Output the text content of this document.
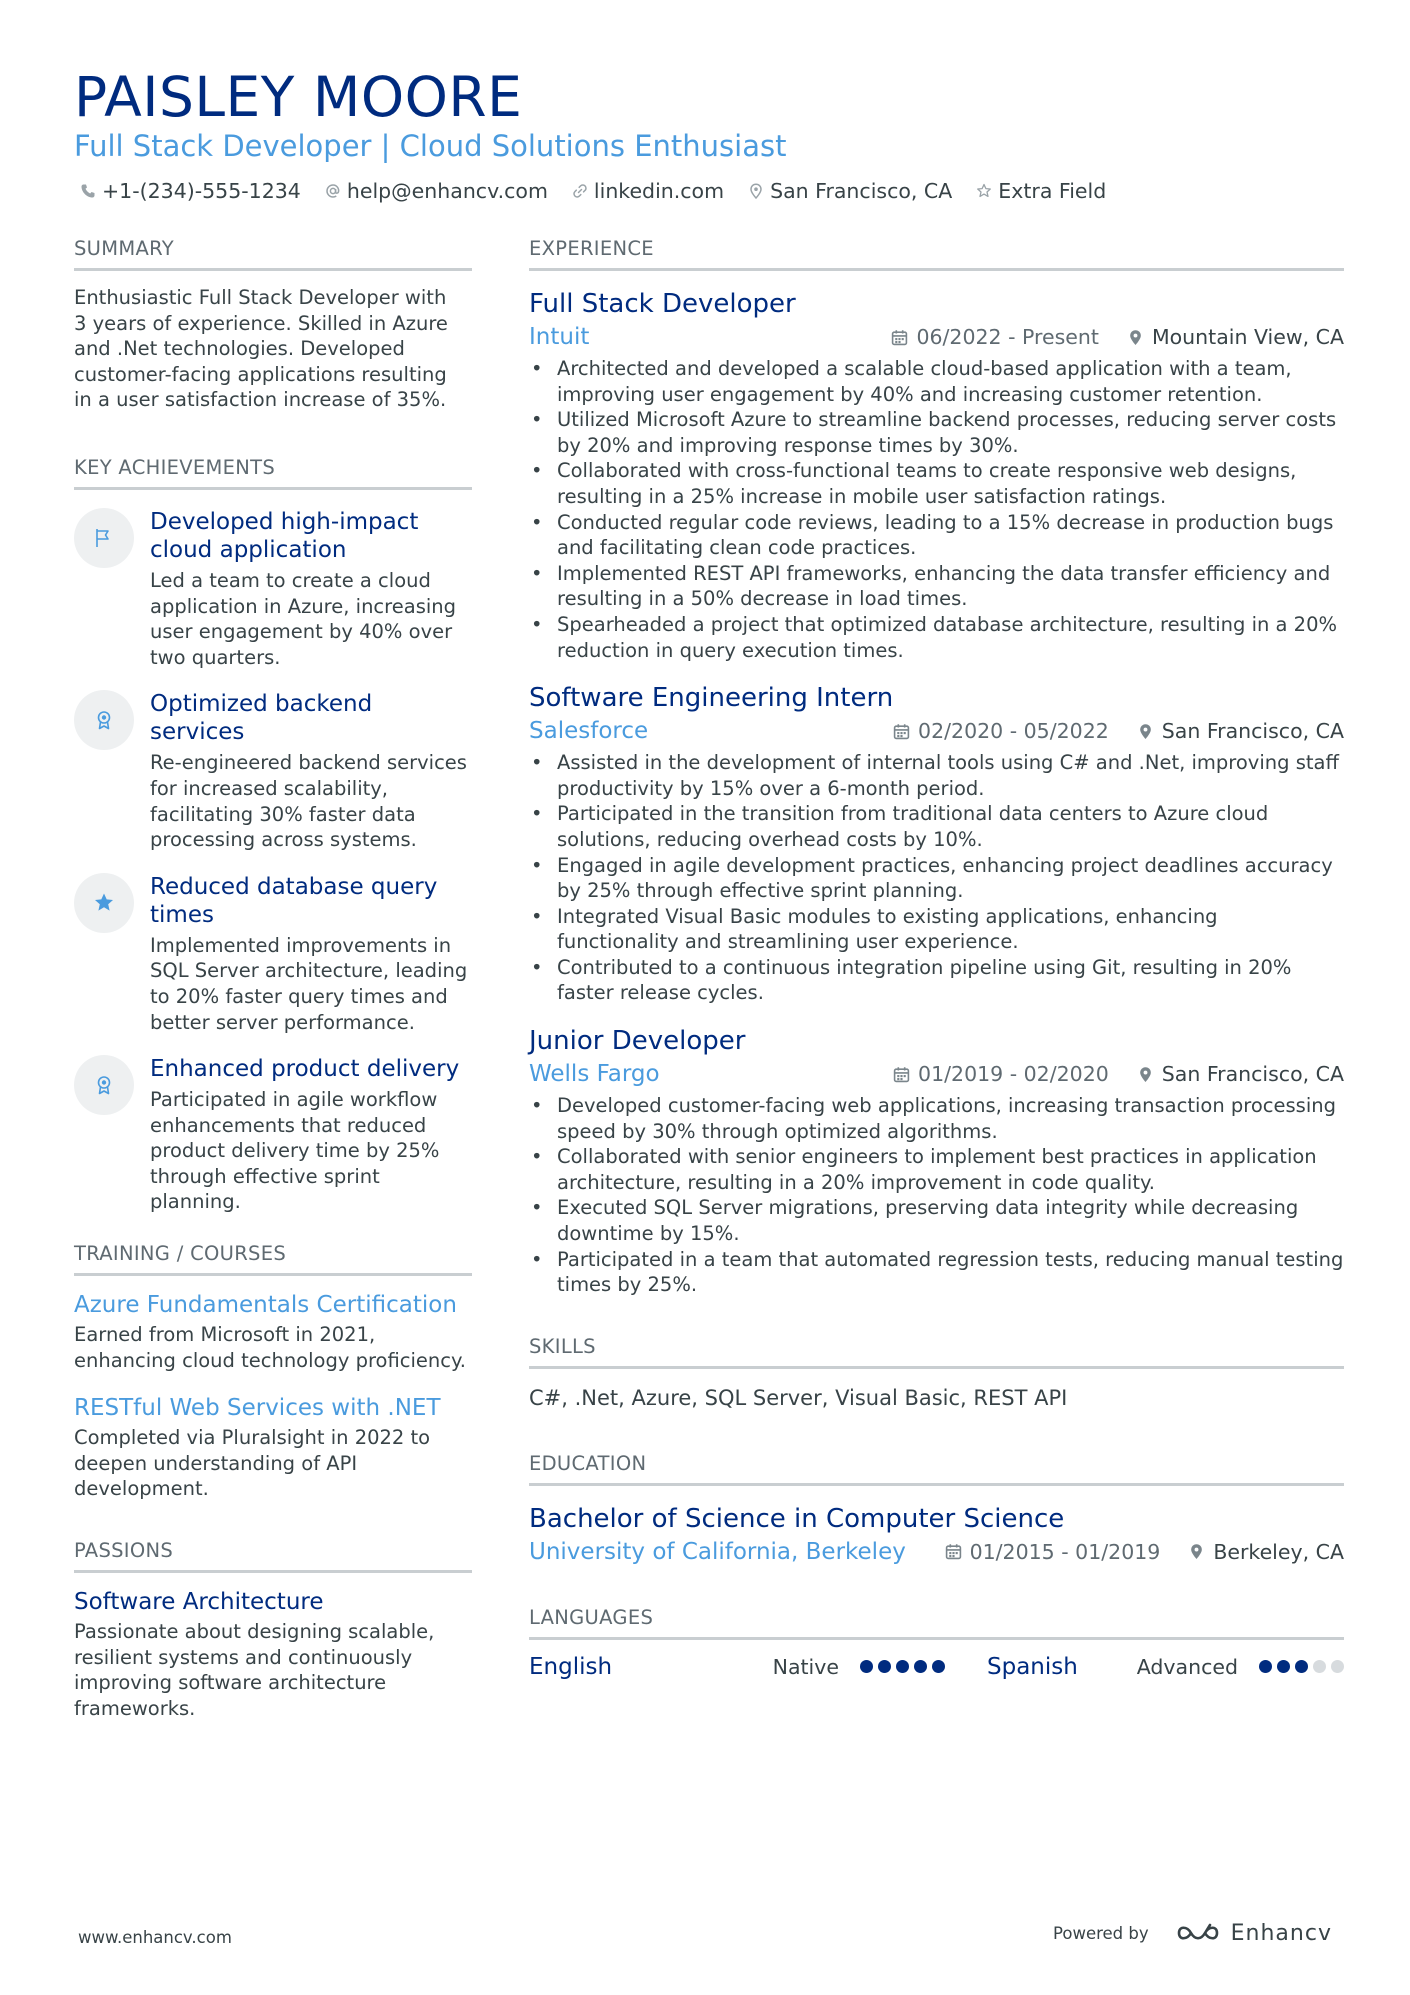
PAISLEY MOORE
Full Stack Developer | Cloud Solutions Enthusiast
+1-(234)-555-1234 help@enhancv.com linkedin.com San Francisco, CA Extra Field
SUMMARY
Enthusiastic Full Stack Developer with 3 years of experience. Skilled in Azure and .Net technologies. Developed customer-facing applications resulting in a user satisfaction increase of 35%.
KEY ACHIEVEMENTS
Developed high-impact cloud application
Led a team to create a cloud application in Azure, increasing user engagement by 40% over two quarters.
Optimized backend services
Re-engineered backend services for increased scalability, facilitating 30% faster data processing across systems.
Reduced database query times
Implemented improvements in SQL Server architecture, leading to 20% faster query times and better server performance.
Enhanced product delivery
Participated in agile workflow enhancements that reduced product delivery time by 25% through effective sprint planning.
TRAINING / COURSES
Azure Fundamentals Certification
Earned from Microsoft in 2021, enhancing cloud technology proficiency.
RESTful Web Services with .NET
Completed via Pluralsight in 2022 to deepen understanding of API development.
PASSIONS
Software Architecture
Passionate about designing scalable, resilient systems and continuously improving software architecture frameworks.
EXPERIENCE
Full Stack Developer
Intuit	06/2022 - Present	Mountain View, CA
• Architected and developed a scalable cloud-based application with a team, improving user engagement by 40% and increasing customer retention.
• Utilized Microsoft Azure to streamline backend processes, reducing server costs by 20% and improving response times by 30%.
• Collaborated with cross-functional teams to create responsive web designs, resulting in a 25% increase in mobile user satisfaction ratings.
• Conducted regular code reviews, leading to a 15% decrease in production bugs and facilitating clean code practices.
• Implemented REST API frameworks, enhancing the data transfer efficiency and resulting in a 50% decrease in load times.
• Spearheaded a project that optimized database architecture, resulting in a 20% reduction in query execution times.
Software Engineering Intern
Salesforce	02/2020 - 05/2022	San Francisco, CA
• Assisted in the development of internal tools using C# and .Net, improving staff productivity by 15% over a 6-month period.
• Participated in the transition from traditional data centers to Azure cloud solutions, reducing overhead costs by 10%.
• Engaged in agile development practices, enhancing project deadlines accuracy by 25% through effective sprint planning.
• Integrated Visual Basic modules to existing applications, enhancing functionality and streamlining user experience.
• Contributed to a continuous integration pipeline using Git, resulting in 20% faster release cycles.
Junior Developer
Wells Fargo	01/2019 - 02/2020	San Francisco, CA
• Developed customer-facing web applications, increasing transaction processing speed by 30% through optimized algorithms.
• Collaborated with senior engineers to implement best practices in application architecture, resulting in a 20% improvement in code quality.
• Executed SQL Server migrations, preserving data integrity while decreasing downtime by 15%.
• Participated in a team that automated regression tests, reducing manual testing times by 25%.
SKILLS
C#, .Net, Azure, SQL Server, Visual Basic, REST API
EDUCATION
Bachelor of Science in Computer Science
University of California, Berkeley	01/2015 - 01/2019	Berkeley, CA
LANGUAGES
English	Native	Spanish	Advanced
www.enhancv.com	Powered by	Enhancv
